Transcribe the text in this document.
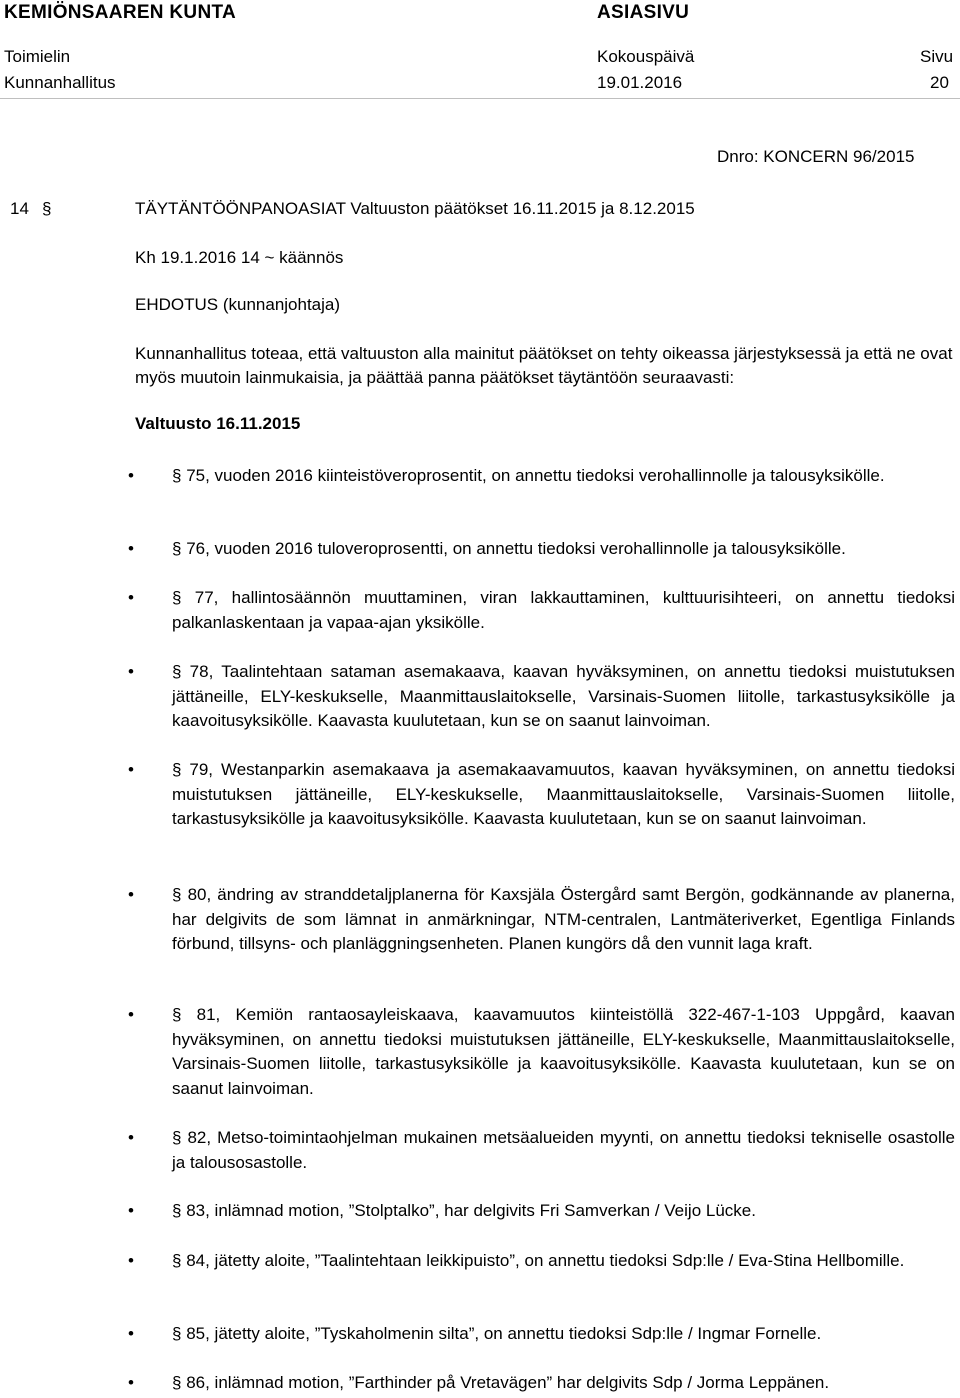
KEMIÖNSAAREN KUNTA	ASIASIVU
Toimielin	Kokouspäivä	Sivu
Kunnanhallitus	19.01.2016	20
Dnro: KONCERN 96/2015
14 §	TÄYTÄNTÖÖNPANOASIAT Valtuuston päätökset 16.11.2015 ja 8.12.2015
Kh 19.1.2016 14 ~ käännös
EHDOTUS (kunnanjohtaja)
Kunnanhallitus toteaa, että valtuuston alla mainitut päätökset on tehty oikeassa järjestyksessä ja että ne ovat myös muutoin lainmukaisia, ja päättää panna päätökset täytäntöön seuraavasti:
Valtuusto 16.11.2015
• § 75, vuoden 2016 kiinteistöveroprosentit, on annettu tiedoksi verohallinnolle ja talousyksikölle.
• § 76, vuoden 2016 tuloveroprosentti, on annettu tiedoksi verohallinnolle ja talousyksikölle.
• § 77, hallintosäännön muuttaminen, viran lakkauttaminen, kulttuurisihteeri, on annettu tiedoksi palkanlaskentaan ja vapaa-ajan yksikölle.
• § 78, Taalintehtaan sataman asemakaava, kaavan hyväksyminen, on annettu tiedoksi muistutuksen jättäneille, ELY-keskukselle, Maanmittauslaitokselle, Varsinais-Suomen liitolle, tarkastusyksikölle ja kaavoitusyksikölle. Kaavasta kuulutetaan, kun se on saanut lainvoiman.
• § 79, Westanparkin asemakaava ja asemakaavamuutos, kaavan hyväksyminen, on annettu tiedoksi muistutuksen jättäneille, ELY-keskukselle, Maanmittauslaitokselle, Varsinais-Suomen liitolle, tarkastusyksikölle ja kaavoitusyksikölle. Kaavasta kuulutetaan, kun se on saanut lainvoiman.
• § 80, ändring av stranddetaljplanerna för Kaxsjäla Östergård samt Bergön, godkännande av planerna, har delgivits de som lämnat in anmärkningar, NTM-centralen, Lantmäteriverket, Egentliga Finlands förbund, tillsyns- och planläggningsenheten. Planen kungörs då den vunnit laga kraft.
• § 81, Kemiön rantaosayleiskaava, kaavamuutos kiinteistöllä 322-467-1-103 Uppgård, kaavan hyväksyminen, on annettu tiedoksi muistutuksen jättäneille, ELY-keskukselle, Maanmittauslaitokselle, Varsinais-Suomen liitolle, tarkastusyksikölle ja kaavoitusyksikölle. Kaavasta kuulutetaan, kun se on saanut lainvoiman.
• § 82, Metso-toimintaohjelman mukainen metsäalueiden myynti, on annettu tiedoksi tekniselle osastolle ja talousosastolle.
• § 83, inlämnad motion, ”Stolptalko”, har delgivits Fri Samverkan / Veijo Lücke.
• § 84, jätetty aloite, ”Taalintehtaan leikkipuisto”, on annettu tiedoksi Sdp:lle / Eva-Stina Hellbomille.
• § 85, jätetty aloite, ”Tyskaholmenin silta”, on annettu tiedoksi Sdp:lle / Ingmar Fornelle.
• § 86, inlämnad motion, ”Farthinder på Vretavägen” har delgivits Sdp / Jorma Leppänen.
